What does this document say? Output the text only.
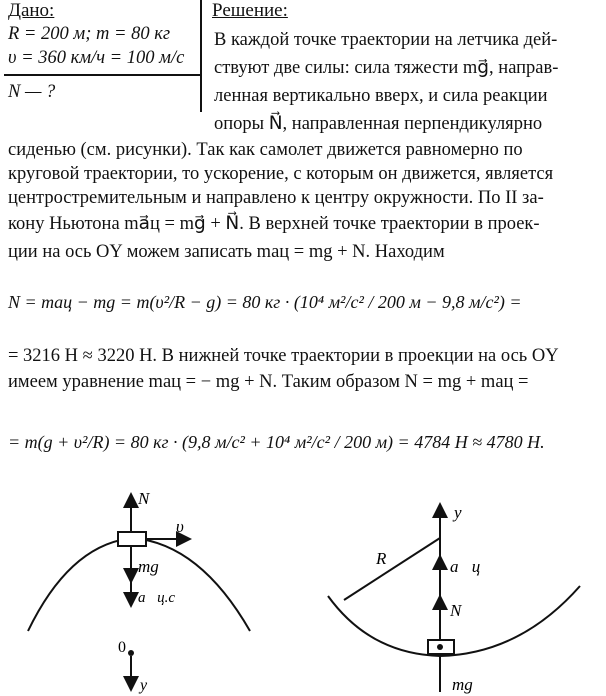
Дано:
R = 200 м; m = 80 кг
υ = 360 км/ч = 100 м/с
N — ?
Решение:
В каждой точке траектории на летчика дей-
ствуют две силы: сила тяжести mg⃗, направ-
ленная вертикально вверх, и сила реакции
опоры N⃗, направленная перпендикулярно
сиденью (см. рисунки). Так как самолет движется равномерно по
круговой траектории, то ускорение, с которым он движется, является
центростремительным и направлено к центру окружности. По II за-
кону Ньютона ma⃗ц = mg⃗ + N⃗. В верхней точке траектории в проек-
ции на ось OY можем записать maц = mg + N. Находим
N = maц − mg = m(υ²/R − g) = 80 кг · (10⁴ м²/с² / 200 м − 9,8 м/с²) =
= 3216 Н ≈ 3220 Н. В нижней точке траектории в проекции на ось OY
имеем уравнение maц = − mg + N. Таким образом N = mg + maц =
= m(g + υ²/R) = 80 кг · (9,8 м/с² + 10⁴ м²/с² / 200 м) = 4784 Н ≈ 4780 Н.
N⃗
υ⃗
mg⃗
a⃗ц.с
0
y
y
R	a⃗ц
N⃗
mg⃗
